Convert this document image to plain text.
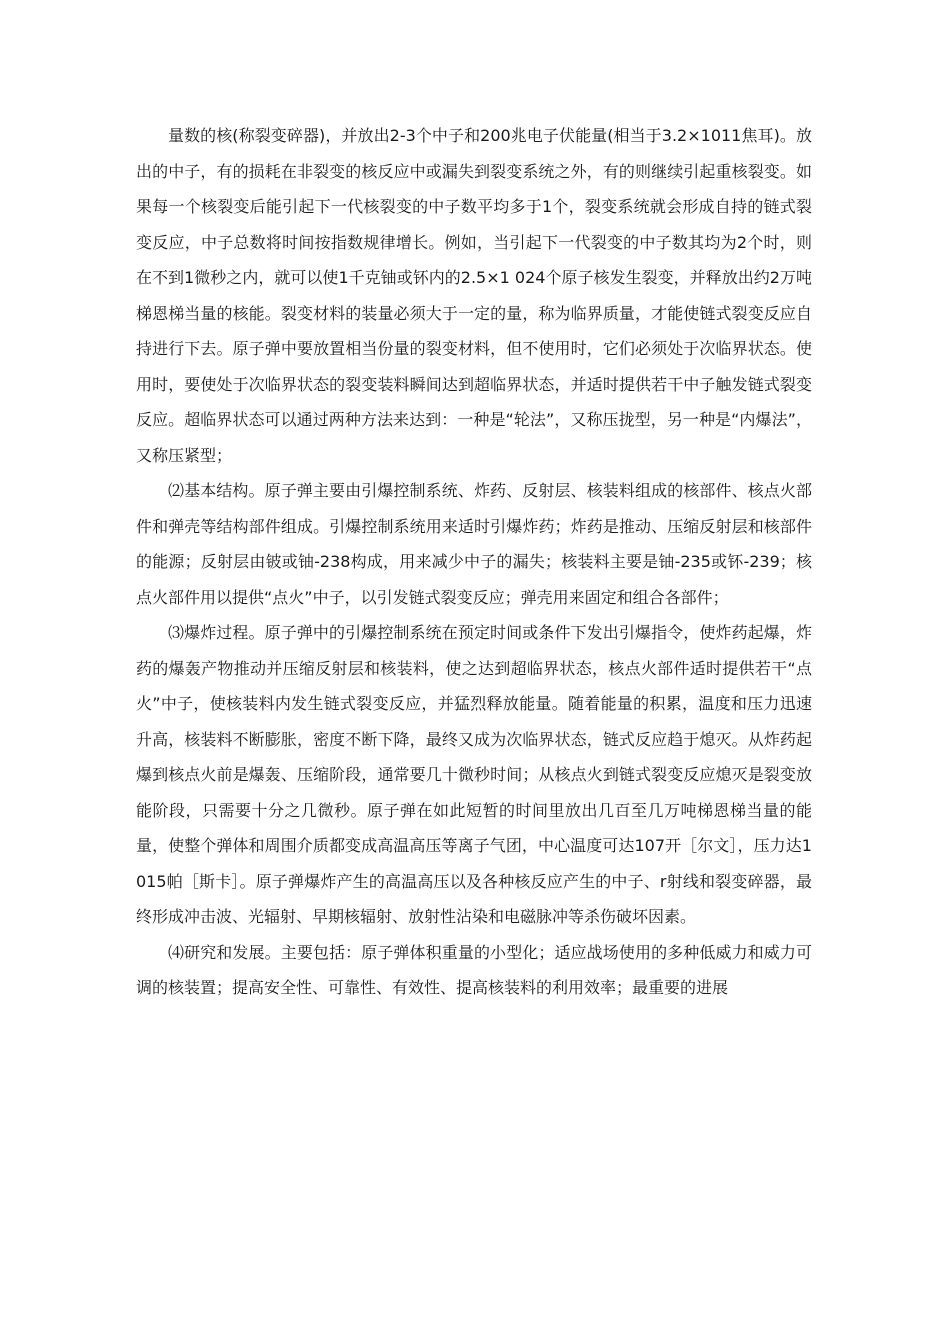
量数的核(称裂变碎器)，并放出2-3个中子和200兆电子伏能量(相当于3.2×1011焦耳)。放出的中子，有的损耗在非裂变的核反应中或漏失到裂变系统之外，有的则继续引起重核裂变。如果每一个核裂变后能引起下一代核裂变的中子数平均多于1个，裂变系统就会形成自持的链式裂变反应，中子总数将时间按指数规律增长。例如，当引起下一代裂变的中子数其均为2个时，则在不到1微秒之内，就可以使1千克铀或钚内的2.5×1 024个原子核发生裂变，并释放出约2万吨梯恩梯当量的核能。裂变材料的装量必须大于一定的量，称为临界质量，才能使链式裂变反应自持进行下去。原子弹中要放置相当份量的裂变材料，但不使用时，它们必须处于次临界状态。使用时，要使处于次临界状态的裂变装料瞬间达到超临界状态，并适时提供若干中子触发链式裂变反应。超临界状态可以通过两种方法来达到：一种是“轮法”，又称压拢型，另一种是“内爆法”，又称压紧型；

⑵基本结构。原子弹主要由引爆控制系统、炸药、反射层、核装料组成的核部件、核点火部件和弹壳等结构部件组成。引爆控制系统用来适时引爆炸药；炸药是推动、压缩反射层和核部件的能源；反射层由铍或铀-238构成，用来减少中子的漏失；核装料主要是铀-235或钚-239；核点火部件用以提供“点火”中子，以引发链式裂变反应；弹壳用来固定和组合各部件；

⑶爆炸过程。原子弹中的引爆控制系统在预定时间或条件下发出引爆指令，使炸药起爆，炸药的爆轰产物推动并压缩反射层和核装料，使之达到超临界状态，核点火部件适时提供若干“点火”中子，使核装料内发生链式裂变反应，并猛烈释放能量。随着能量的积累，温度和压力迅速升高，核装料不断膨胀，密度不断下降，最终又成为次临界状态，链式反应趋于熄灭。从炸药起爆到核点火前是爆轰、压缩阶段，通常要几十微秒时间；从核点火到链式裂变反应熄灭是裂变放能阶段，只需要十分之几微秒。原子弹在如此短暂的时间里放出几百至几万吨梯恩梯当量的能量，使整个弹体和周围介质都变成高温高压等离子气团，中心温度可达107开［尔文］，压力达1015帕［斯卡］。原子弹爆炸产生的高温高压以及各种核反应产生的中子、r射线和裂变碎器，最终形成冲击波、光辐射、早期核辐射、放射性沾染和电磁脉冲等杀伤破坏因素。

⑷研究和发展。主要包括：原子弹体积重量的小型化；适应战场使用的多种低威力和威力可调的核装置；提高安全性、可靠性、有效性、提高核装料的利用效率；最重要的进展
